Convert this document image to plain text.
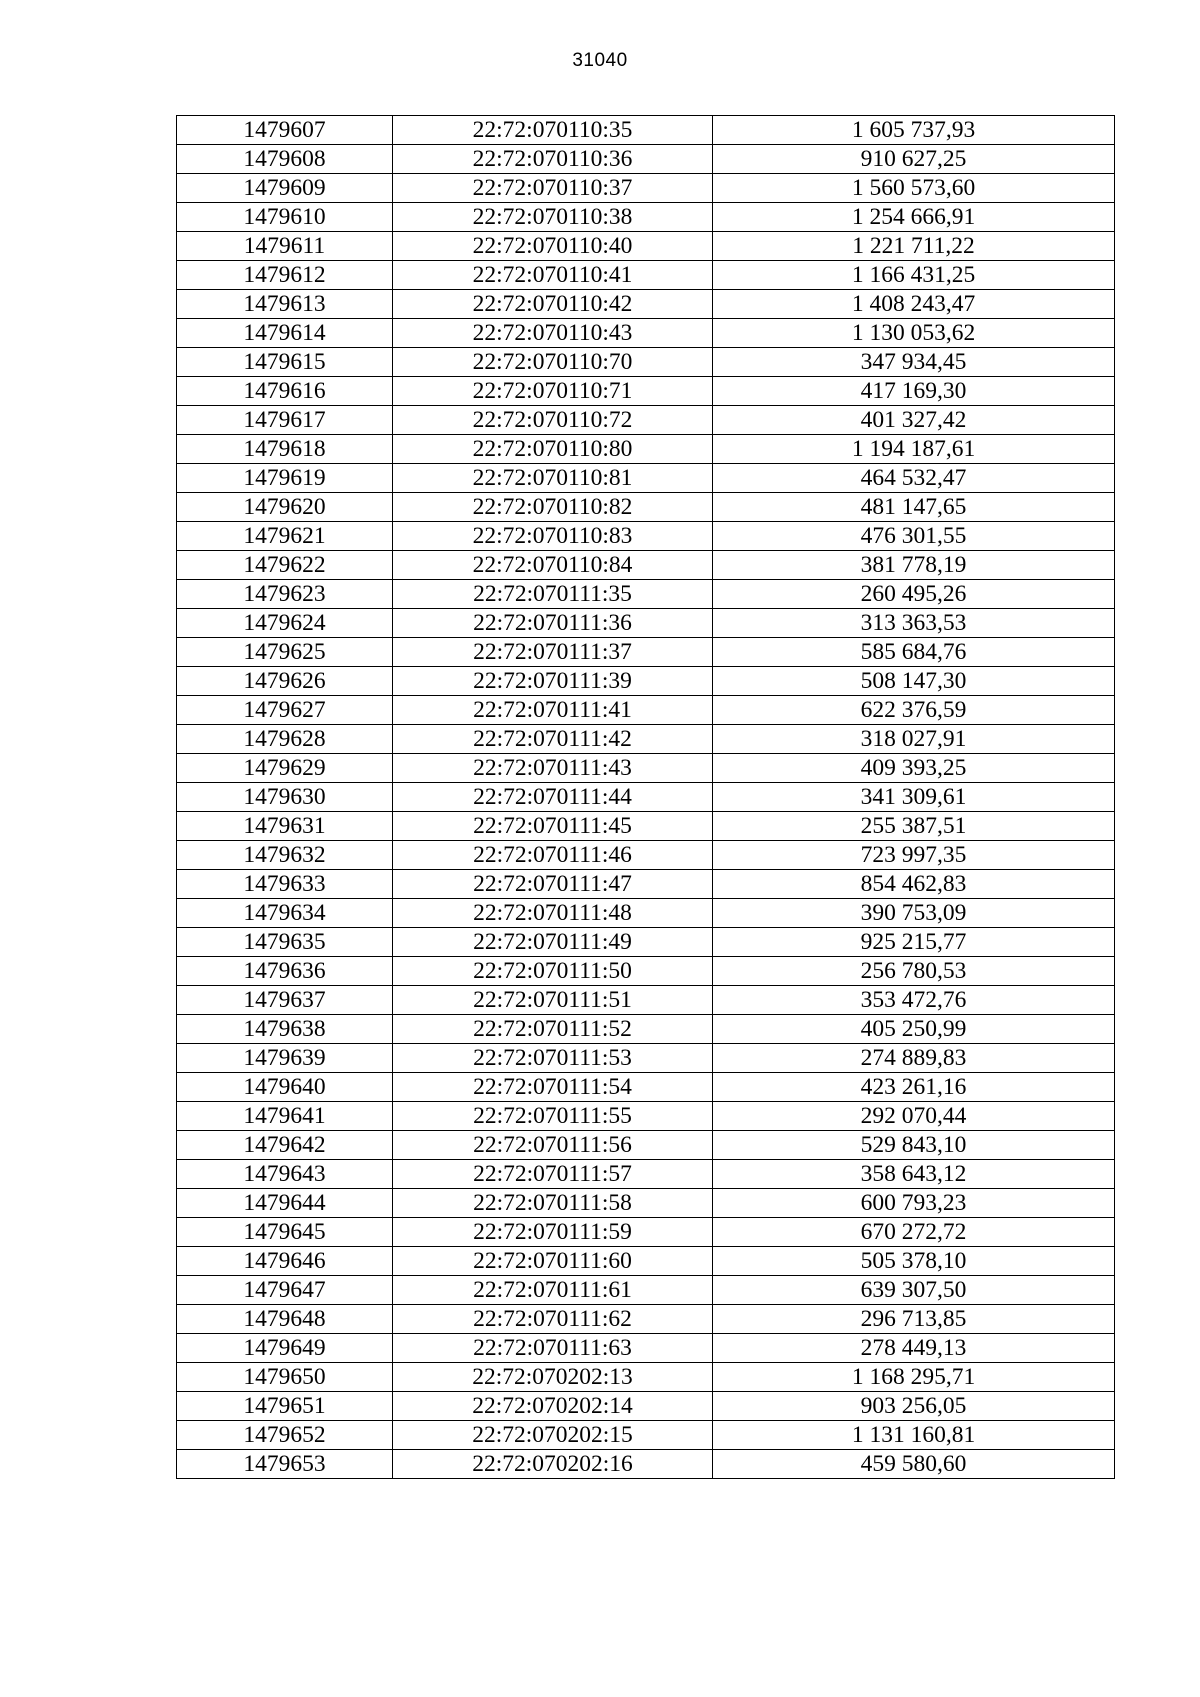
31040
1479607	22:72:070110:35	1 605 737,93
1479608	22:72:070110:36	910 627,25
1479609	22:72:070110:37	1 560 573,60
1479610	22:72:070110:38	1 254 666,91
1479611	22:72:070110:40	1 221 711,22
1479612	22:72:070110:41	1 166 431,25
1479613	22:72:070110:42	1 408 243,47
1479614	22:72:070110:43	1 130 053,62
1479615	22:72:070110:70	347 934,45
1479616	22:72:070110:71	417 169,30
1479617	22:72:070110:72	401 327,42
1479618	22:72:070110:80	1 194 187,61
1479619	22:72:070110:81	464 532,47
1479620	22:72:070110:82	481 147,65
1479621	22:72:070110:83	476 301,55
1479622	22:72:070110:84	381 778,19
1479623	22:72:070111:35	260 495,26
1479624	22:72:070111:36	313 363,53
1479625	22:72:070111:37	585 684,76
1479626	22:72:070111:39	508 147,30
1479627	22:72:070111:41	622 376,59
1479628	22:72:070111:42	318 027,91
1479629	22:72:070111:43	409 393,25
1479630	22:72:070111:44	341 309,61
1479631	22:72:070111:45	255 387,51
1479632	22:72:070111:46	723 997,35
1479633	22:72:070111:47	854 462,83
1479634	22:72:070111:48	390 753,09
1479635	22:72:070111:49	925 215,77
1479636	22:72:070111:50	256 780,53
1479637	22:72:070111:51	353 472,76
1479638	22:72:070111:52	405 250,99
1479639	22:72:070111:53	274 889,83
1479640	22:72:070111:54	423 261,16
1479641	22:72:070111:55	292 070,44
1479642	22:72:070111:56	529 843,10
1479643	22:72:070111:57	358 643,12
1479644	22:72:070111:58	600 793,23
1479645	22:72:070111:59	670 272,72
1479646	22:72:070111:60	505 378,10
1479647	22:72:070111:61	639 307,50
1479648	22:72:070111:62	296 713,85
1479649	22:72:070111:63	278 449,13
1479650	22:72:070202:13	1 168 295,71
1479651	22:72:070202:14	903 256,05
1479652	22:72:070202:15	1 131 160,81
1479653	22:72:070202:16	459 580,60
